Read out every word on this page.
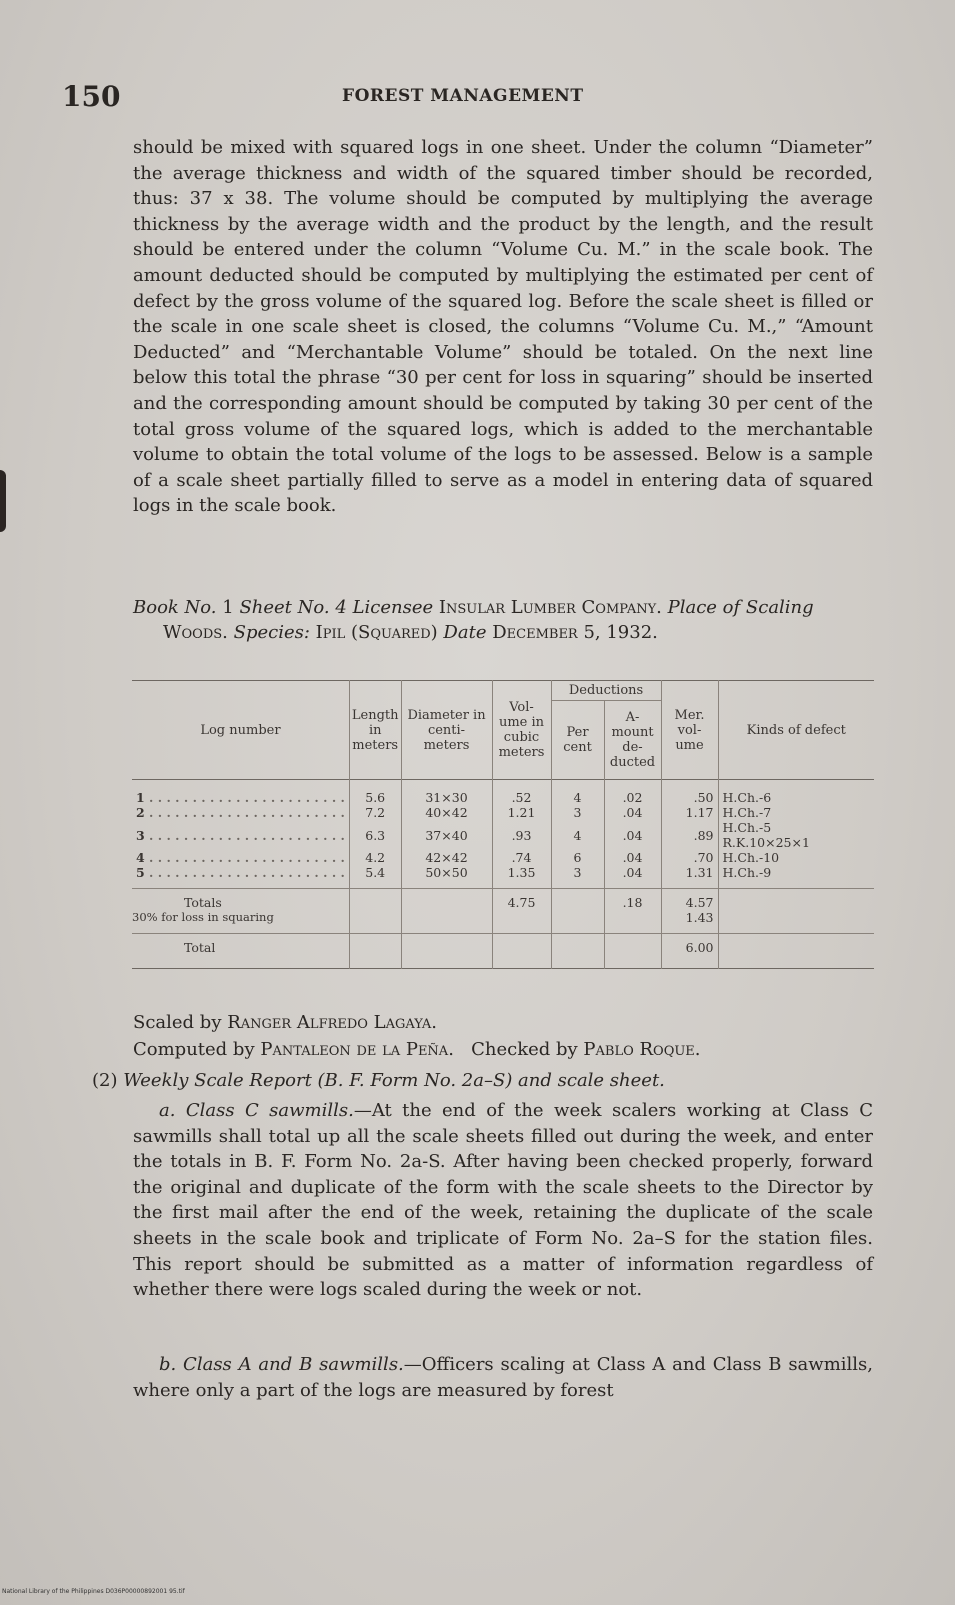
150	FOREST MANAGEMENT
should be mixed with squared logs in one sheet. Under the column “Diameter” the average thickness and width of the squared timber should be recorded, thus: 37 x 38. The volume should be computed by multiplying the average thickness by the average width and the product by the length, and the result should be entered under the column “Volume Cu. M.” in the scale book. The amount deducted should be computed by multiplying the estimated per cent of defect by the gross volume of the squared log. Before the scale sheet is filled or the scale in one scale sheet is closed, the columns “Volume Cu. M.,” “Amount Deducted” and “Merchantable Volume” should be totaled. On the next line below this total the phrase “30 per cent for loss in squaring” should be inserted and the corresponding amount should be computed by taking 30 per cent of the total gross volume of the squared logs, which is added to the merchantable volume to obtain the total volume of the logs to be assessed. Below is a sample of a scale sheet partially filled to serve as a model in entering data of squared logs in the scale book.
Book No. 1 Sheet No. 4 Licensee Insular Lumber Company. Place of Scaling
Woods. Species: Ipil (Squared) Date December 5, 1932.
Log number	Length in meters	Diameter in centi- meters	Vol- ume in cubic meters	Deductions		Mer. vol- ume	Kinds of defect
				Per cent	A- mount de- ducted		

1 . . .	5.6	31×30	.52	4	.02	.50	H.Ch.-6
2 . . .	7.2	40×42	1.21	3	.04	1.17	H.Ch.-7
3 . . .	6.3	37×40	.93	4	.04	.89	H.Ch.-5
R.K.10×25×1
4 . . .	4.2	42×42	.74	6	.04	.70	H.Ch.-10
5 . . .	5.4	50×50	1.35	3	.04	1.31	H.Ch.-9

Totals			4.75		.18	4.57	
30% for loss in squaring						1.43	

Total						6.00	

Scaled by Ranger Alfredo Lagaya.
Computed by Pantaleon de la Peña. Checked by Pablo Roque.
(2) Weekly Scale Report (B. F. Form No. 2a–S) and scale sheet.
a. Class C sawmills.—At the end of the week scalers working at Class C sawmills shall total up all the scale sheets filled out during the week, and enter the totals in B. F. Form No. 2a-S. After having been checked properly, forward the original and duplicate of the form with the scale sheets to the Director by the first mail after the end of the week, retaining the duplicate of the scale sheets in the scale book and triplicate of Form No. 2a–S for the station files. This report should be submitted as a matter of information regardless of whether there were logs scaled during the week or not.
b. Class A and B sawmills.—Officers scaling at Class A and Class B sawmills, where only a part of the logs are measured by forest
National Library of the Philippines D036P00000892001 95.tif
